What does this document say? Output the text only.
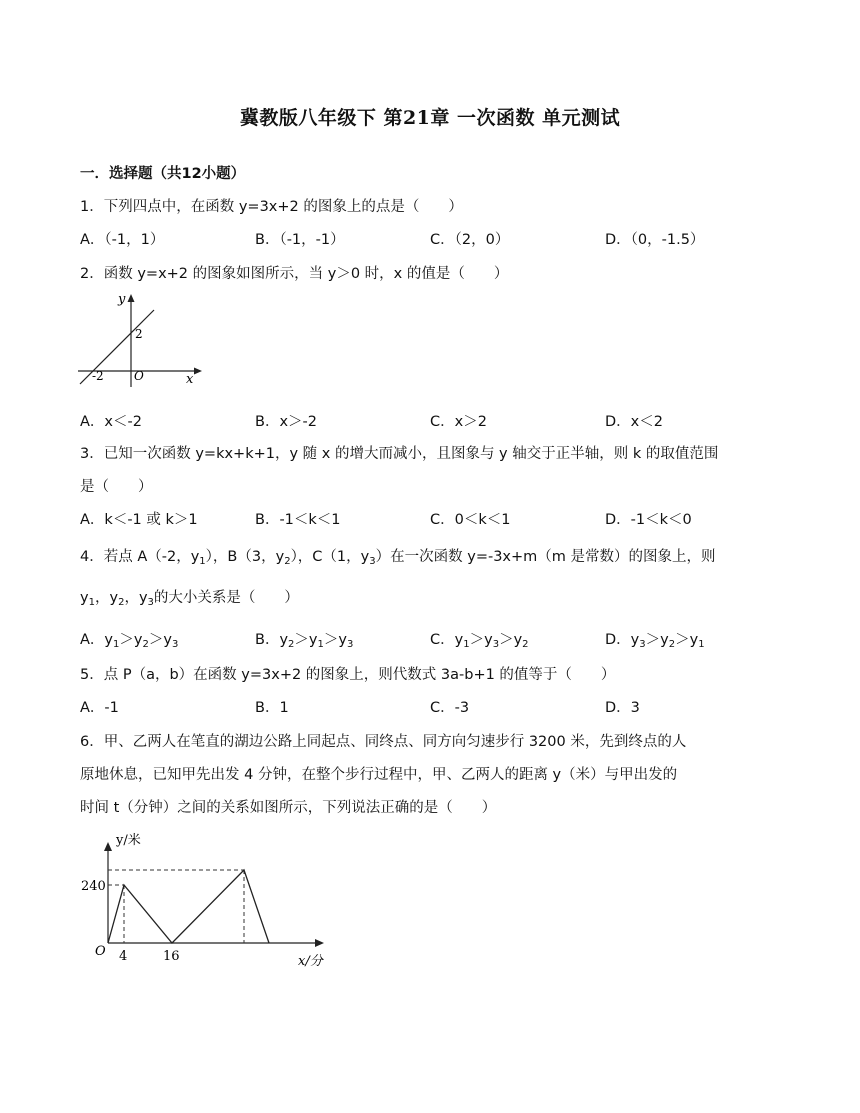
冀教版八年级下 第21章 一次函数 单元测试
一．选择题（共12小题）
1．下列四点中，在函数 y=3x+2 的图象上的点是（　　）
A．（-1，1）	B．（-1，-1）	C．（2，0）	D．（0，-1.5）
2．函数 y=x+2 的图象如图所示，当 y＞0 时，x 的值是（　　）
y
x
O
2
-2
A．x＜-2	B．x＞-2	C．x＞2	D．x＜2
3．已知一次函数 y=kx+k+1，y 随 x 的增大而减小，且图象与 y 轴交于正半轴，则 k 的取值范围
是（　　）
A．k＜-1 或 k＞1	B．-1＜k＜1	C．0＜k＜1	D．-1＜k＜0
4．若点 A（-2，$y_1$），B（3，$y_2$），C（1，$y_3$）在一次函数 y=-3x+m（m 是常数）的图象上，则
$y_1$，$y_2$，$y_3$的大小关系是（　　）
A．$y_1>y_2>y_3$	B．$y_2>y_1>y_3$	C．$y_1>y_3>y_2$	D．$y_3>y_2>y_1$
5．点 P（a，b）在函数 y=3x+2 的图象上，则代数式 3a-b+1 的值等于（　　）
A．-1	B．1	C．-3	D．3
6．甲、乙两人在笔直的湖边公路上同起点、同终点、同方向匀速步行 3200 米，先到终点的人
原地休息，已知甲先出发 4 分钟，在整个步行过程中，甲、乙两人的距离 y（米）与甲出发的
时间 t（分钟）之间的关系如图所示，下列说法正确的是（　　）
y/米
240
O 4	16	x/分
